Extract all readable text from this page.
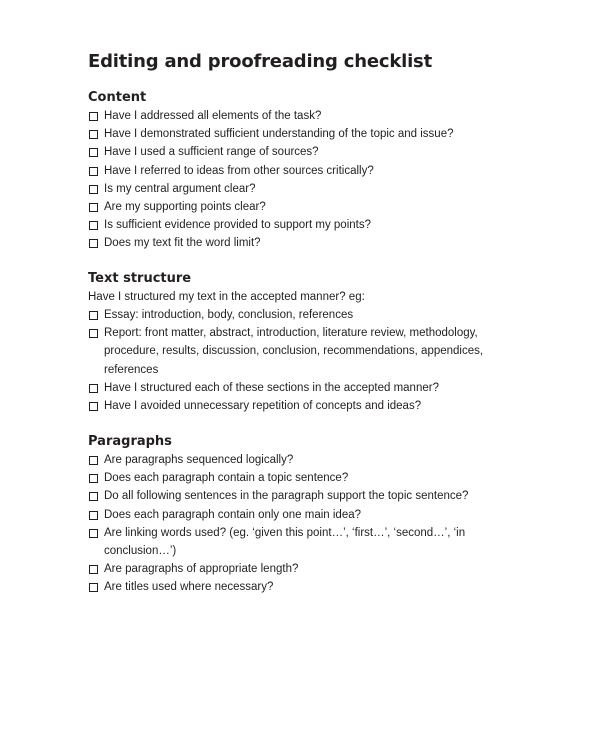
Editing and proofreading checklist
Content
Have I addressed all elements of the task?
Have I demonstrated sufficient understanding of the topic and issue?
Have I used a sufficient range of sources?
Have I referred to ideas from other sources critically?
Is my central argument clear?
Are my supporting points clear?
Is sufficient evidence provided to support my points?
Does my text fit the word limit?
Text structure
Have I structured my text in the accepted manner? eg:
Essay: introduction, body, conclusion, references
Report: front matter, abstract, introduction, literature review, methodology, procedure, results, discussion, conclusion, recommendations, appendices, references
Have I structured each of these sections in the accepted manner?
Have I avoided unnecessary repetition of concepts and ideas?
Paragraphs
Are paragraphs sequenced logically?
Does each paragraph contain a topic sentence?
Do all following sentences in the paragraph support the topic sentence?
Does each paragraph contain only one main idea?
Are linking words used? (eg. ‘given this point…’, ‘first…’, ‘second…’, ‘in conclusion…’)
Are paragraphs of appropriate length?
Are titles used where necessary?
